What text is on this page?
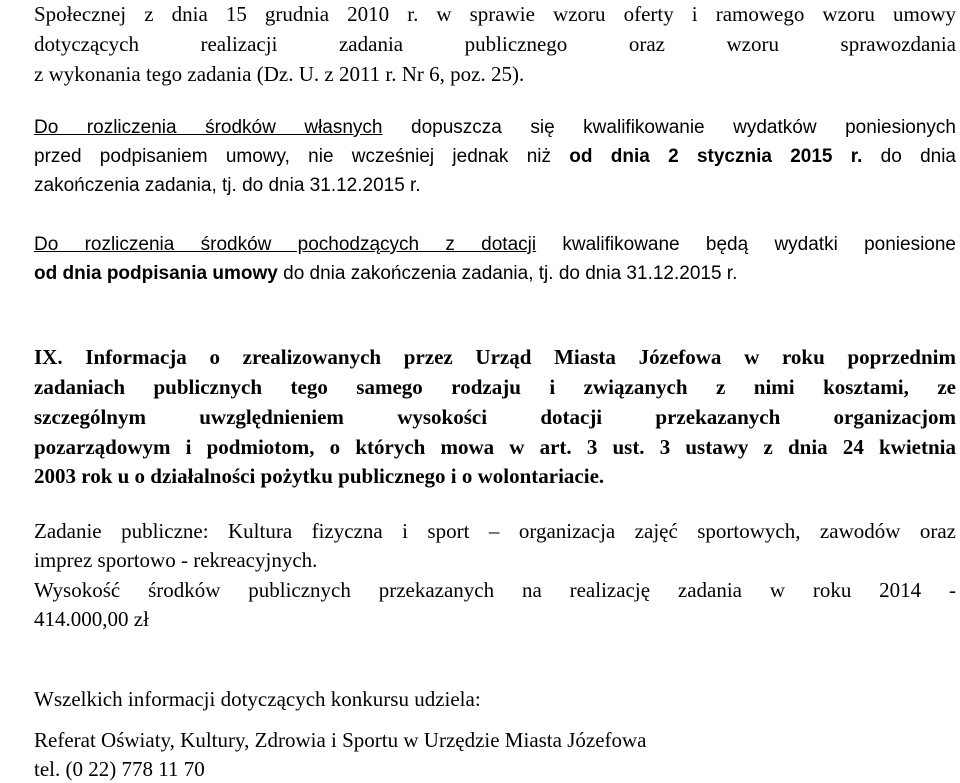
Społecznej z dnia 15 grudnia 2010 r. w sprawie wzoru oferty i ramowego wzoru umowy
dotyczących realizacji zadania publicznego oraz wzoru sprawozdania
z wykonania tego zadania (Dz. U. z 2011 r. Nr 6, poz. 25).
Do rozliczenia środków własnych dopuszcza się kwalifikowanie wydatków poniesionych
przed podpisaniem umowy, nie wcześniej jednak niż od dnia 2 stycznia 2015 r. do dnia
zakończenia zadania, tj. do dnia 31.12.2015 r.
Do rozliczenia środków pochodzących z dotacji kwalifikowane będą wydatki poniesione
od dnia podpisania umowy do dnia zakończenia zadania, tj. do dnia 31.12.2015 r.
IX. Informacja o zrealizowanych przez Urząd Miasta Józefowa w roku poprzednim
zadaniach publicznych tego samego rodzaju i związanych z nimi kosztami, ze
szczególnym uwzględnieniem wysokości dotacji przekazanych organizacjom
pozarządowym i podmiotom, o których mowa w art. 3 ust. 3 ustawy z dnia 24 kwietnia
2003 rok u o działalności pożytku publicznego i o wolontariacie.
Zadanie publiczne: Kultura fizyczna i sport – organizacja zajęć sportowych, zawodów oraz
imprez sportowo - rekreacyjnych.
Wysokość środków publicznych przekazanych na realizację zadania w roku 2014 -
414.000,00 zł
Wszelkich informacji dotyczących konkursu udziela:
Referat Oświaty, Kultury, Zdrowia i Sportu w Urzędzie Miasta Józefowa
tel. (0 22) 778 11 70
